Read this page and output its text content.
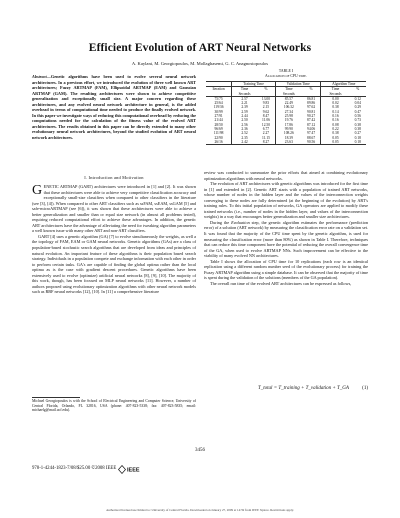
Efficient Evolution of ART Neural Networks
A. Kaylani, M. Georgiopoulos, M. Mollaghasemi, G. C. Anagnostopoulos
Abstract—Genetic algorithms have been used to evolve several neural network architectures. In a previous effort, we introduced the evolution of three well known ART architectures; Fuzzy ARTMAP (FAM), Ellipsoidal ARTMAP (EAM) and Gaussian ARTMAP (GAM). The resulting architectures were shown to achieve competitive generalization and exceptionally small size. A major concern regarding these architectures, and any evolved neural network architecture in general, is the added overhead in terms of computational time needed to produce the finally evolved network. In this paper we investigate ways of reducing this computational overhead by reducing the computations needed for the calculation of the fitness value of the evolved ART architectures. The results obtained in this paper can be directly extended to many other evolutionary neural network architectures, beyond the studied evolution of ART neural network architectures.
I. Introduction and Motivation

GENETIC ARTMAP (GART) architectures were introduced in [1] and [2]. It was shown that these architectures were able to achieve very competitive classification accuracy and exceptionally small-size classifiers when compared to other classifiers in the literature (see [3], [4]). When compared to other ART classifiers such as ssFAM, ssEAM, ssGAM [5] and safe-microARTMAP (see [6]), it was shown that these architectures were able to achieve a better generalization and smaller than or equal size network (in almost all problems tested), requiring reduced computational effort to achieve these advantages. In addition, the genetic ART architectures have the advantage of alleviating the need for tweaking algorithm parameters a well known issue with many other ART and non-ART classifiers.

GART [4] uses a genetic algorithm (GA) [7] to evolve simultaneously the weights, as well a the topology of FAM, EAM or GAM neural networks. Genetic algorithms (GAs) are a class of population-based stochastic search algorithms that are developed from ideas and principles of natural evolution. An important feature of these algorithms is their population based search strategy. Individuals in a population compete and exchange information with each other in order to perform certain tasks. GA's are capable of finding the global optima rather than the local optima as is the case with gradient descent procedures. Genetic algorithms have been extensively used to evolve (optimize) artificial neural networks [8], [9], [10]. The majority of this work, though, has been focused on MLP neural networks [11]. However, a number of authors proposed using evolutionary optimization algorithms with other neural network models such as RBF neural networks [12], [10]. In [11] a comprehensive literature

Michael Georgiopoulos is with the School of Electrical Engineering and Computer Science, University of Central Florida, Orlando, FL 32816, USA (phone: 407-823-5338; fax: 407-823-5835; email: michaelg@mail.ucf.edu).
TABLE I
Allocation of CPU time.
	Training Time		Validation Time		Algorithm Time	
Iteration	Time	%	Time	%	Time	%
	Seconds		Seconds		Seconds	
75/75	2.57	13.00	85.57	86.81	0.00	0.12
25/64	2.21	9.83	22.49	89.86	0.02	0.04
119/36	2.39	2.15	106.32	97.62	0.38	0.29
30/99	2.59	9.62	27.34	90.81	0.14	0.47
27/91	2.44	8.47	25.98	90.27	0.16	0.56
21/44	2.50	11.06	19.76	87.42	0.16	0.73
28/50	2.56	12.50	17.86	87.12	0.08	0.38
96/69	2.36	6.77	99.90	94.06	0.22	0.38
111/98	2.52	2.27	108.26	97.47	0.38	0.27
22/90	2.35	11.15	18.39	88.67	0.05	0.18
26/16	2.42	8.27	23.63	90.56	0.05	0.18

review was conducted to summarize the prior efforts that aimed at combining evolutionary optimization algorithms with neural networks.

The evolution of ART architectures with genetic algorithms was introduced for the first time in [1] and extended in [2]. Genetic ART starts with a population of trained ART networks, whose number of nodes in the hidden layer and the values of the interconnection weights converging to these nodes are fully determined (at the beginning of the evolution) by ART's training rules. To this initial population of networks, GA operators are applied to modify these trained networks (i.e., number of nodes in the hidden layer, and values of the interconnection weights) in a way that encourages better generalization and smaller size architectures.

During the Evaluation step, the genetic algorithm estimates the performance (prediction error) of a solution (ART network) by measuring the classification error rate on a validation set. It was found that the majority of the CPU time spent by the genetic algorithm, is used for measuring the classification error (more than 80%) as shown in Table I. Therefore, techniques that can reduce this time component have the potential of reducing the overall convergence time of the GA, when used to evolve ARTMAP NNs. Such improvement can be effective to the viability of many evolved NN architectures.

Table I shows the allocation of CPU time for 10 replications (each row is an identical replication using a different random number seed of the evolutionary process) for training the Fuzzy ARTMAP algorithm using a simple database. It can be observed that the majority of time is spent during the validation of the solutions (members of the GA population).

The overall run time of the evolved ART architectures can be expressed as follows,

T_total = T_training + T_validation + T_GA	(1)
3456
978-1-4244-1823-7/08/$25.00 ©2008 IEEE IEEE
Authorized licensed use limited to: University of Central Florida. Downloaded on January 27, 2009 at 14:59 from IEEE Xplore. Restrictions apply.
